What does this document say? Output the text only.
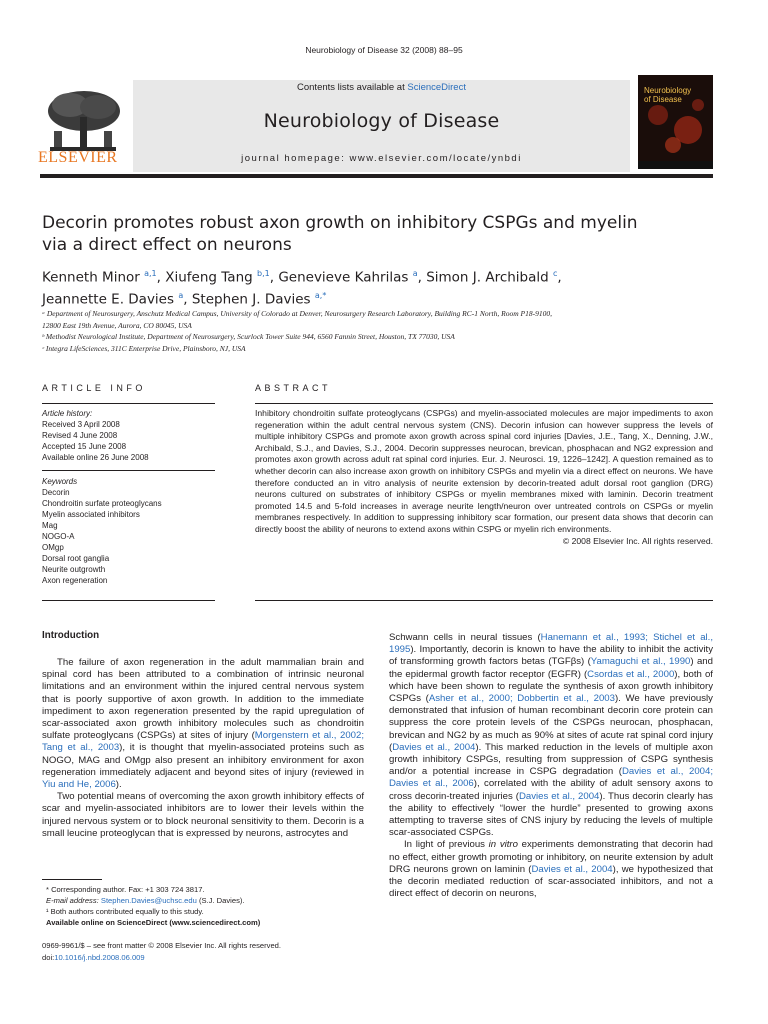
Neurobiology of Disease 32 (2008) 88–95
ELSEVIER
Contents lists available at ScienceDirect
Neurobiology of Disease
journal homepage: www.elsevier.com/locate/ynbdi
Neurobiology
of Disease
Decorin promotes robust axon growth on inhibitory CSPGs and myelin via a direct effect on neurons
Kenneth Minor $^{a,1}$, Xiufeng Tang $^{b,1}$, Genevieve Kahrilas $^a$, Simon J. Archibald $^c$,
Jeannette E. Davies $^a$, Stephen J. Davies $^{a,*}$
ᵃ Department of Neurosurgery, Anschutz Medical Campus, University of Colorado at Denver, Neurosurgery Research Laboratory, Building RC-1 North, Room P18-9100,
12800 East 19th Avenue, Aurora, CO 80045, USA
ᵇ Methodist Neurological Institute, Department of Neurosurgery, Scurlock Tower Suite 944, 6560 Fannin Street, Houston, TX 77030, USA
ᶜ Integra LifeSciences, 311C Enterprise Drive, Plainsboro, NJ, USA
ARTICLE INFO
Article history:
Received 3 April 2008
Revised 4 June 2008
Accepted 15 June 2008
Available online 26 June 2008
Keywords
Decorin
Chondroitin surfate proteoglycans
Myelin associated inhibitors
Mag
NOGO-A
OMgp
Dorsal root ganglia
Neurite outgrowth
Axon regeneration
ABSTRACT
Inhibitory chondroitin sulfate proteoglycans (CSPGs) and myelin-associated molecules are major impediments to axon regeneration within the adult central nervous system (CNS). Decorin infusion can however suppress the levels of multiple inhibitory CSPGs and promote axon growth across spinal cord injuries [Davies, J.E., Tang, X., Denning, J.W., Archibald, S.J., and Davies, S.J., 2004. Decorin suppresses neurocan, brevican, phosphacan and NG2 expression and promotes axon growth across adult rat spinal cord injuries. Eur. J. Neurosci. 19, 1226–1242]. A question remained as to whether decorin can also increase axon growth on inhibitory CSPGs and myelin via a direct effect on neurons. We have therefore conducted an in vitro analysis of neurite extension by decorin-treated adult dorsal root ganglion (DRG) neurons cultured on substrates of inhibitory CSPGs or myelin membranes mixed with laminin. Decorin treatment promoted 14.5 and 5-fold increases in average neurite length/neuron over untreated controls on CSPGs or myelin membranes respectively. In addition to suppressing inhibitory scar formation, our present data shows that decorin can directly boost the ability of neurons to extend axons within CSPG or myelin rich environments.
© 2008 Elsevier Inc. All rights reserved.
Introduction

The failure of axon regeneration in the adult mammalian brain and spinal cord has been attributed to a combination of intrinsic neuronal limitations and an environment within the injured central nervous system that is poorly supportive of axon growth. In addition to the immediate impediment to axon regeneration presented by the rapid upregulation of scar-associated axon growth inhibitory molecules such as chondroitin sulfate proteoglycans (CSPGs) at sites of injury (Morgenstern et al., 2002; Tang et al., 2003), it is thought that myelin-associated proteins such as NOGO, MAG and OMgp also present an inhibitory environment for axon regeneration immediately adjacent and beyond sites of injury (reviewed in Yiu and He, 2006).

Two potential means of overcoming the axon growth inhibitory effects of scar and myelin-associated inhibitors are to lower their levels within the injured nervous system or to block neuronal sensitivity to them. Decorin is a small leucine proteoglycan that is expressed by neurons, astrocytes and

Schwann cells in neural tissues (Hanemann et al., 1993; Stichel et al., 1995). Importantly, decorin is known to have the ability to inhibit the activity of transforming growth factors betas (TGFβs) (Yamaguchi et al., 1990) and the epidermal growth factor receptor (EGFR) (Csordas et al., 2000), both of which have been shown to regulate the synthesis of axon growth inhibitory CSPGs (Asher et al., 2000; Dobbertin et al., 2003). We have previously demonstrated that infusion of human recombinant decorin core protein can suppress the core protein levels of the CSPGs neurocan, phosphacan, brevican and NG2 by as much as 90% at sites of acute rat spinal cord injury (Davies et al., 2004). This marked reduction in the levels of multiple axon growth inhibitory CSPGs, resulting from suppression of CSPG synthesis and/or a potential increase in CSPG degradation (Davies et al., 2004; Davies et al., 2006), correlated with the ability of adult sensory axons to cross decorin-treated injuries (Davies et al., 2004). Thus decorin clearly has the ability to effectively “lower the hurdle” presented to growing axons attempting to traverse sites of CNS injury by reducing the levels of multiple scar-associated CSPGs.

In light of previous in vitro experiments demonstrating that decorin had no effect, either growth promoting or inhibitory, on neurite extension by adult DRG neurons grown on laminin (Davies et al., 2004), we hypothesized that the decorin mediated reduction of scar-associated inhibitors, and not a direct effect of decorin on neurons,

* Corresponding author. Fax: +1 303 724 3817.
E-mail address: Stephen.Davies@uchsc.edu (S.J. Davies).
¹ Both authors contributed equally to this study.
Available online on ScienceDirect (www.sciencedirect.com)
0969-9961/$ – see front matter © 2008 Elsevier Inc. All rights reserved.
doi:10.1016/j.nbd.2008.06.009
